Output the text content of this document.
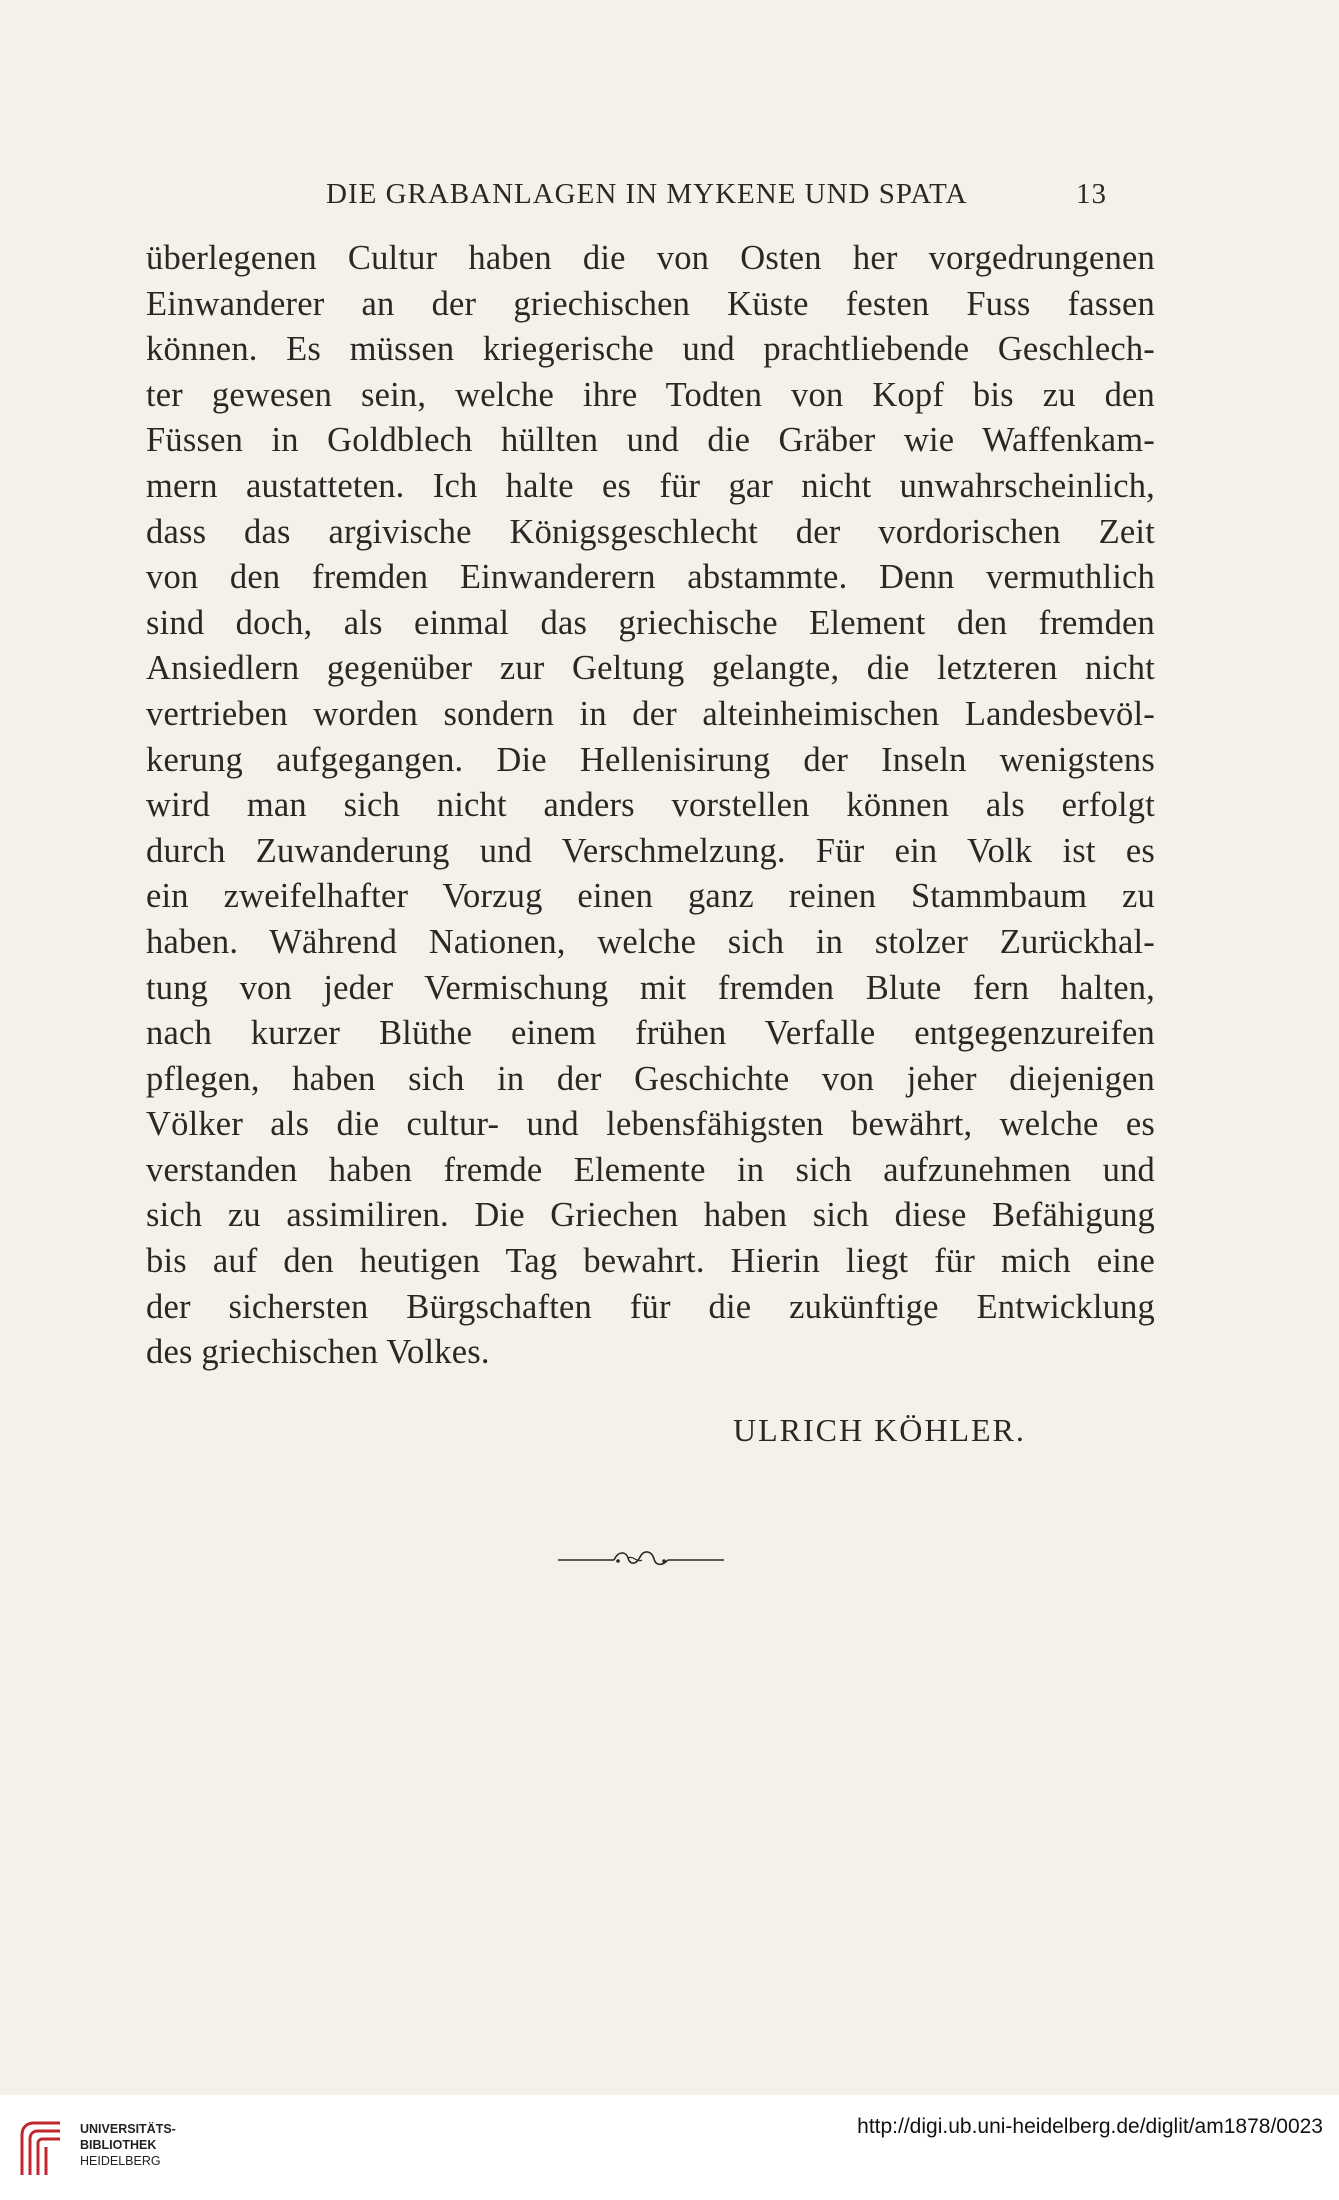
DIE GRABANLAGEN IN MYKENE UND SPATA	13
überlegenen Cultur haben die von Osten her vorgedrungenen
Einwanderer an der griechischen Küste festen Fuss fassen
können. Es müssen kriegerische und prachtliebende Geschlech-
ter gewesen sein, welche ihre Todten von Kopf bis zu den
Füssen in Goldblech hüllten und die Gräber wie Waffenkam-
mern austatteten. Ich halte es für gar nicht unwahrscheinlich,
dass das argivische Königsgeschlecht der vordorischen Zeit
von den fremden Einwanderern abstammte. Denn vermuthlich
sind doch, als einmal das griechische Element den fremden
Ansiedlern gegenüber zur Geltung gelangte, die letzteren nicht
vertrieben worden sondern in der alteinheimischen Landesbevöl-
kerung aufgegangen. Die Hellenisirung der Inseln wenigstens
wird man sich nicht anders vorstellen können als erfolgt
durch Zuwanderung und Verschmelzung. Für ein Volk ist es
ein zweifelhafter Vorzug einen ganz reinen Stammbaum zu
haben. Während Nationen, welche sich in stolzer Zurückhal-
tung von jeder Vermischung mit fremden Blute fern halten,
nach kurzer Blüthe einem frühen Verfalle entgegenzureifen
pflegen, haben sich in der Geschichte von jeher diejenigen
Völker als die cultur- und lebensfähigsten bewährt, welche es
verstanden haben fremde Elemente in sich aufzunehmen und
sich zu assimiliren. Die Griechen haben sich diese Befähigung
bis auf den heutigen Tag bewahrt. Hierin liegt für mich eine
der sichersten Bürgschaften für die zukünftige Entwicklung
des griechischen Volkes.
ULRICH KÖHLER.
UNIVERSITÄTS-
BIBLIOTHEK
HEIDELBERG
http://digi.ub.uni-heidelberg.de/diglit/am1878/0023
